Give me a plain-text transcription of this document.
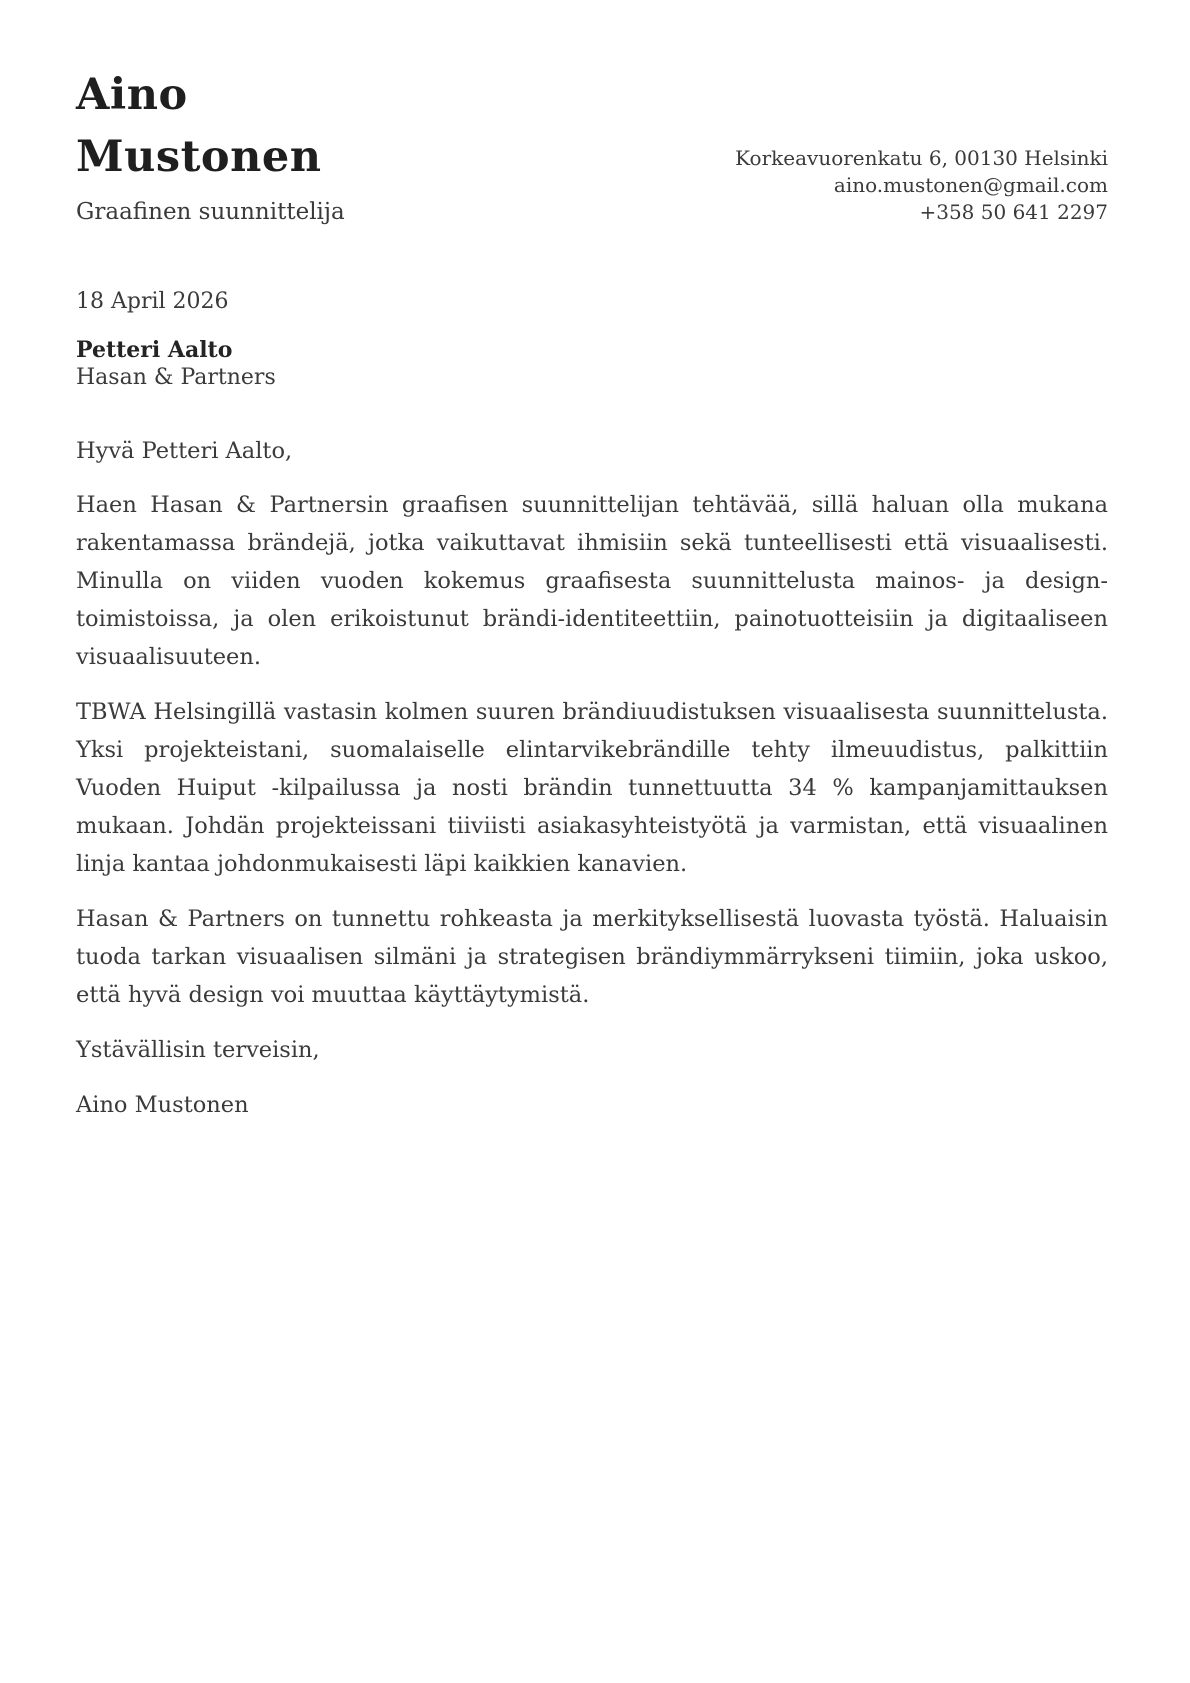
Aino
Mustonen

Graafinen suunnittelija

Korkeavuorenkatu 6, 00130 Helsinki
aino.mustonen@gmail.com
+358 50 641 2297

18 April 2026

Petteri Aalto

Hasan & Partners

Hyvä Petteri Aalto,

Haen Hasan & Partnersin graafisen suunnittelijan tehtävää, sillä haluan olla mukana rakentamassa brändejä, jotka vaikuttavat ihmisiin sekä tunteellisesti että visuaalisesti. Minulla on viiden vuoden kokemus graafisesta suunnittelusta mainos- ja design-toimistoissa, ja olen erikoistunut brändi-identiteettiin, painotuotteisiin ja digitaaliseen visuaalisuuteen.

TBWA Helsingillä vastasin kolmen suuren brändiuudistuksen visuaalisesta suunnittelusta. Yksi projekteistani, suomalaiselle elintarvikebrändille tehty ilmeuudistus, palkittiin Vuoden Huiput -kilpailussa ja nosti brändin tunnettuutta 34 % kampanjamittauksen mukaan. Johdän projekteissani tiiviisti asiakasyhteistyötä ja varmistan, että visuaalinen linja kantaa johdonmukaisesti läpi kaikkien kanavien.

Hasan & Partners on tunnettu rohkeasta ja merkityksellisestä luovasta työstä. Haluaisin tuoda tarkan visuaalisen silmäni ja strategisen brändiymmärrykseni tiimiin, joka uskoo, että hyvä design voi muuttaa käyttäytymistä.

Ystävällisin terveisin,

Aino Mustonen
